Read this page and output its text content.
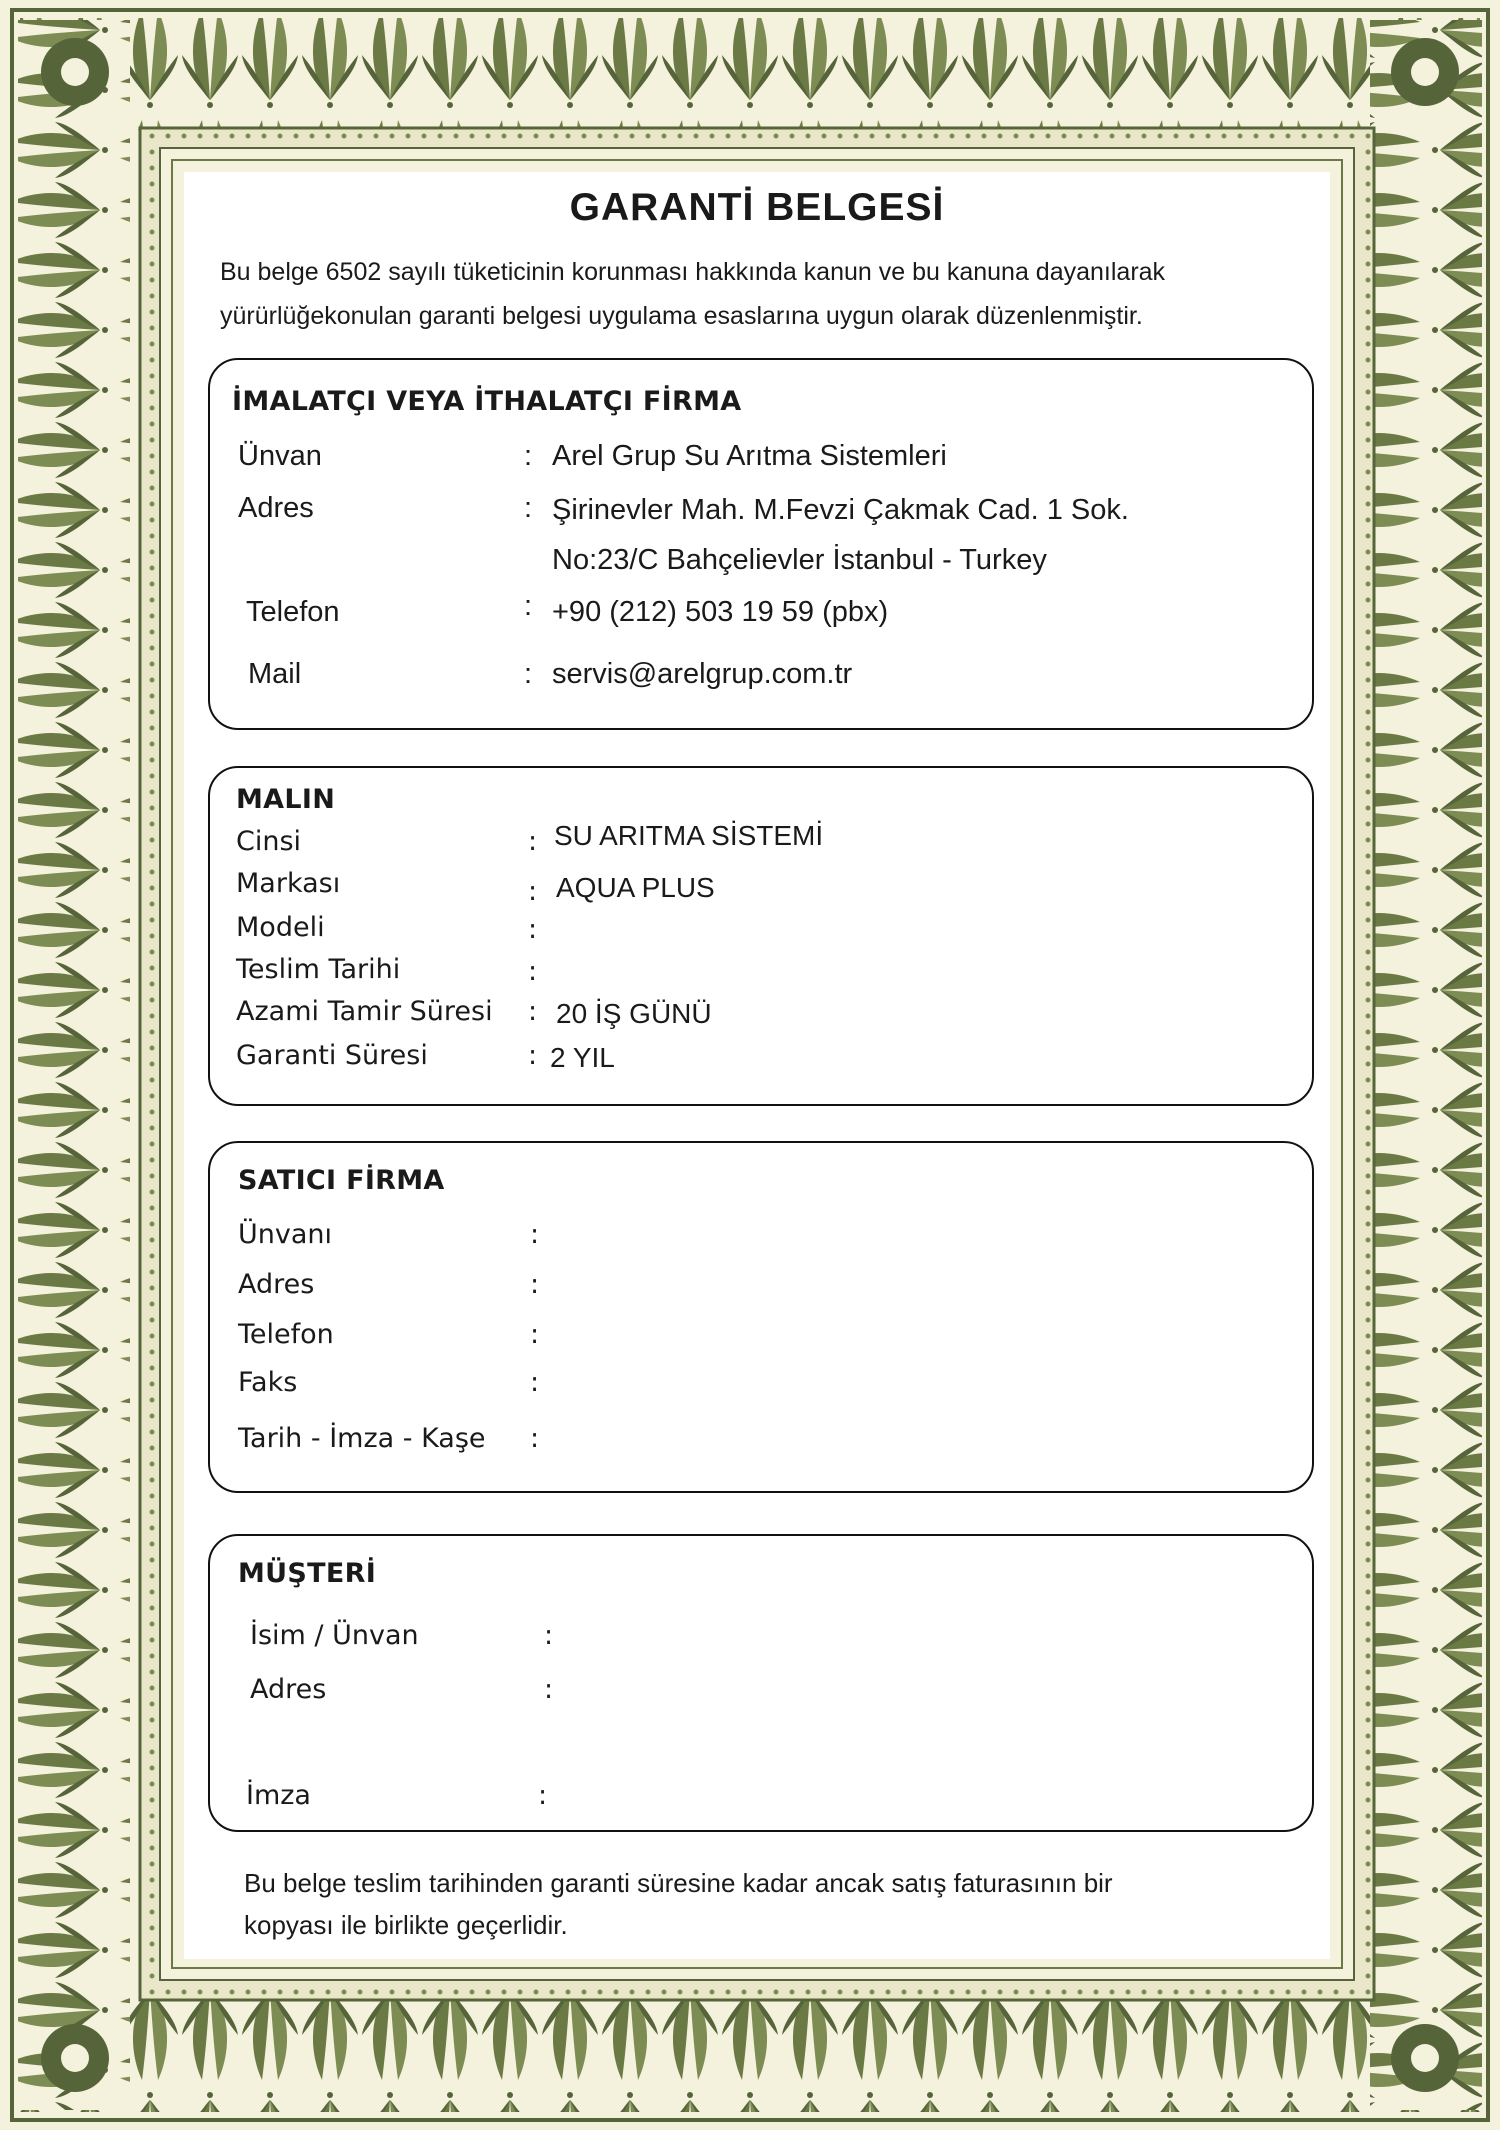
GARANTİ BELGESİ
Bu belge 6502 sayılı tüketicinin korunması hakkında kanun ve bu kanuna dayanılarak
yürürlüğekonulan garanti belgesi uygulama esaslarına uygun olarak düzenlenmiştir.
İMALATÇI VEYA İTHALATÇI FİRMA
Ünvan	: Arel Grup Su Arıtma Sistemleri
Adres	: Şirinevler Mah. M.Fevzi Çakmak Cad. 1 Sok.
No:23/C Bahçelievler İstanbul - Turkey
Telefon	: +90 (212) 503 19 59 (pbx)
Mail	: servis@arelgrup.com.tr
MALIN
Cinsi	: SU ARITMA SİSTEMİ
Markası	: AQUA PLUS
Modeli	:
Teslim Tarihi	:
Azami Tamir Süresi : 20 İŞ GÜNÜ
Garanti Süresi	: 2 YIL
SATICI FİRMA
Ünvanı	:
Adres	:
Telefon	:
Faks	:
Tarih - İmza - Kaşe :
MÜŞTERİ
İsim / Ünvan	:
Adres	:
İmza	:
Bu belge teslim tarihinden garanti süresine kadar ancak satış faturasının bir
kopyası ile birlikte geçerlidir.
